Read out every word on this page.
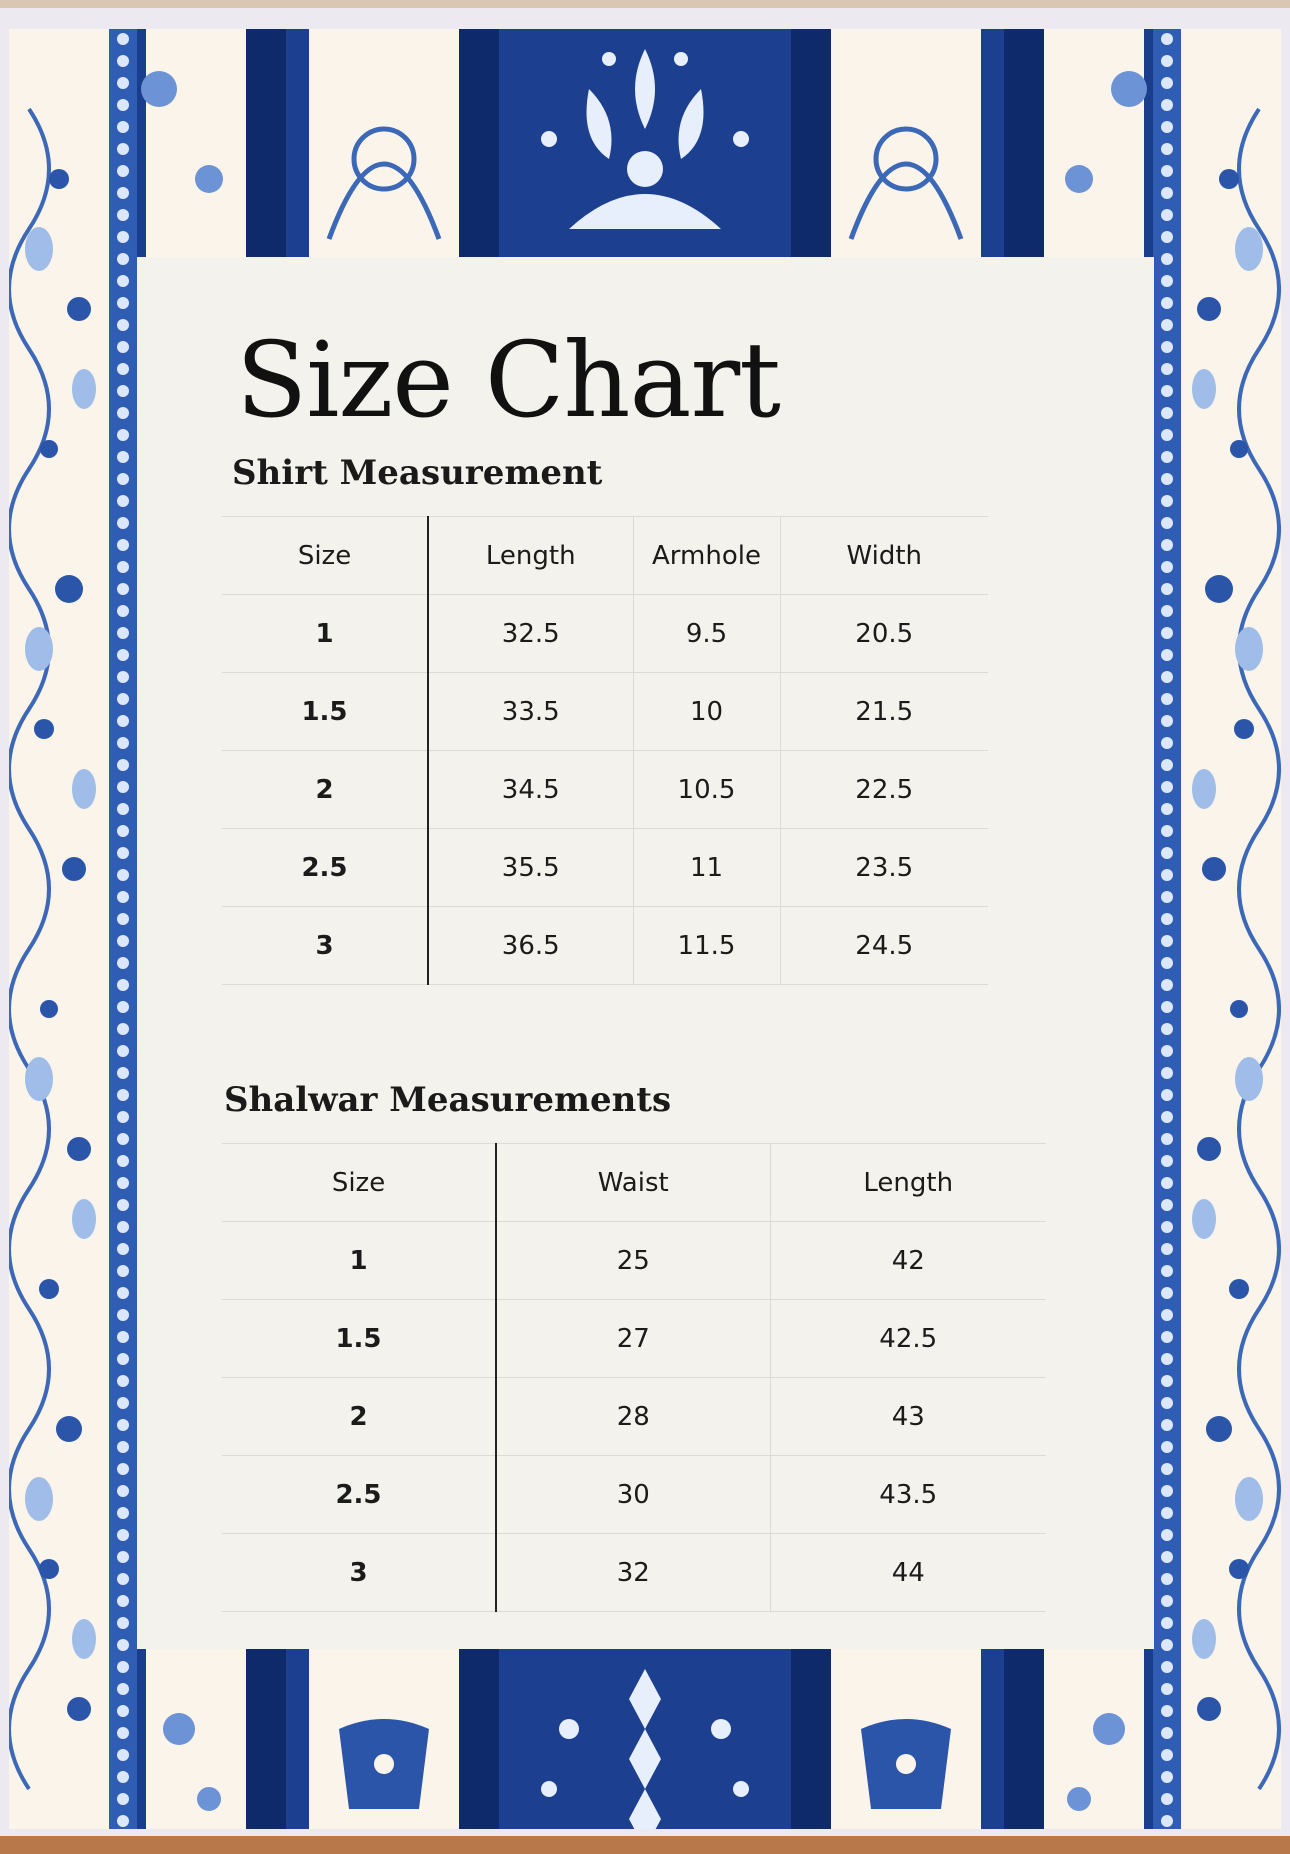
Size Chart
Shirt Measurement
Size	Length	Armhole	Width
1	32.5	9.5	20.5
1.5	33.5	10	21.5
2	34.5	10.5	22.5
2.5	35.5	11	23.5
3	36.5	11.5	24.5
Shalwar Measurements
Size	Waist	Length
1	25	42
1.5	27	42.5
2	28	43
2.5	30	43.5
3	32	44
